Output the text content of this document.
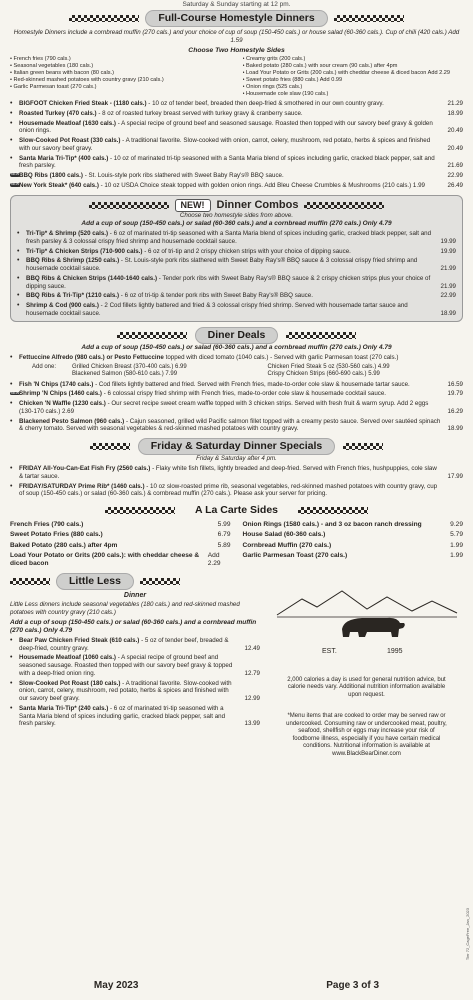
Saturday & Sunday starting at 12 pm.
Full-Course Homestyle Dinners
Homestyle Dinners include a cornbread muffin (270 cals.) and your choice of cup of soup (150-450 cals.) or house salad (60-360 cals.). Cup of chili (420 cals.) Add 1.59
Choose Two Homestyle Sides
• French fries (790 cals.)
• Seasonal vegetables (180 cals.)
• Italian green beans with bacon (80 cals.)
• Red-skinned mashed potatoes with country gravy (210 cals.)
• Garlic Parmesan toast (270 cals.)
• Creamy grits (200 cals.)
• Baked potato (280 cals.) with sour cream (90 cals.) after 4pm
• Load Your Potato or Grits (200 cals.) with cheddar cheese & diced bacon Add 2.29
• Sweet potato fries (880 cals.) Add 0.99
• Onion rings (525 cals.)
• Housemade cole slaw (190 cals.)
•	BIGFOOT Chicken Fried Steak - (1180 cals.) - 10 oz of tender beef, breaded then deep-fried & smothered in our own country gravy.	21.29
•	Roasted Turkey (470 cals.) - 8 oz of roasted turkey breast served with turkey gravy & cranberry sauce.	18.99
•	Housemade Meatloaf (1630 cals.) - A special recipe of ground beef and seasoned sausage. Roasted then topped with our savory beef gravy & golden onion rings.	20.49
•	Slow-Cooked Pot Roast (330 cals.) - A traditional favorite. Slow-cooked with onion, carrot, celery, mushroom, red potato, herbs & spices and finished with our savory beef gravy.	20.49
•	Santa Maria Tri-Tip* (400 cals.) - 10 oz of marinated tri-tip seasoned with a Santa Maria blend of spices including garlic, cracked black pepper, salt and fresh parsley.	21.69
NEW BBQ Ribs (1800 cals.) - St. Louis-style pork ribs slathered with Sweet Baby Ray's® BBQ sauce.	22.99
NEW New York Steak* (640 cals.) - 10 oz USDA Choice steak topped with golden onion rings. Add Bleu Cheese Crumbles & Mushrooms (210 cals.) 1.99	26.49
NEW!	Dinner Combos
Choose two homestyle sides from above.
Add a cup of soup (150-450 cals.) or salad (60-360 cals.) and a cornbread muffin (270 cals.) Only 4.79
•	Tri-Tip* & Shrimp (520 cals.) - 6 oz of marinated tri-tip seasoned with a Santa Maria blend of spices including garlic, cracked black pepper, salt and fresh parsley & 3 colossal crispy fried shrimp and housemade cocktail sauce.	19.99
•	Tri-Tip* & Chicken Strips (710-900 cals.) - 6 oz of tri-tip and 2 crispy chicken strips with your choice of dipping sauce.	19.99
•	BBQ Ribs & Shrimp (1250 cals.) - St. Louis-style pork ribs slathered with Sweet Baby Ray's® BBQ sauce & 3 colossal crispy fried shrimp and housemade cocktail sauce.	21.99
•	BBQ Ribs & Chicken Strips (1440-1640 cals.) - Tender pork ribs with Sweet Baby Ray's® BBQ sauce & 2 crispy chicken strips plus your choice of dipping sauce.	21.99
•	BBQ Ribs & Tri-Tip* (1210 cals.) - 6 oz of tri-tip & tender pork ribs with Sweet Baby Ray's® BBQ sauce.	22.99
•	Shrimp & Cod (900 cals.) - 2 Cod fillets lightly battered and fried & 3 colossal crispy fried shrimp. Served with housemade tartar sauce and housemade cocktail sauce.	18.99
Diner Deals
Add a cup of soup (150-450 cals.) or salad (60-360 cals.) and a cornbread muffin (270 cals.) Only 4.79
•	Fettuccine Alfredo (980 cals.) or Pesto Fettuccine topped with diced tomato (1040 cals.) - Served with garlic Parmesan toast (270 cals.)
Add one:	Grilled Chicken Breast (370-400 cals.) 6.99	Chicken Fried Steak 5 oz (530-560 cals.) 4.99
Blackened Salmon (580-610 cals.) 7.99	Crispy Chicken Strips (660-690 cals.) 5.99
•	Fish 'N Chips (1740 cals.) - Cod fillets lightly battered and fried. Served with French fries, made-to-order cole slaw & housemade tartar sauce.	16.59
NEW Shrimp 'N Chips (1460 cals.) - 6 colossal crispy fried shrimp with French fries, made-to-order cole slaw & housemade cocktail sauce.	19.79
•	Chicken 'N Waffle (1230 cals.) - Our secret recipe sweet cream waffle topped with 3 chicken strips. Served with fresh fruit & warm syrup. Add 2 eggs (130-170 cals.) 2.69	16.29
•	Blackened Pesto Salmon (960 cals.) - Cajun seasoned, grilled wild Pacific salmon fillet topped with a creamy pesto sauce. Served over sautéed spinach & cherry tomato. Served with seasonal vegetables & red-skinned mashed potatoes with country gravy.	18.99
Friday & Saturday Dinner Specials
Friday & Saturday after 4 pm.
•	FRIDAY All-You-Can-Eat Fish Fry (2560 cals.) - Flaky white fish fillets, lightly breaded and deep-fried. Served with French fries, hushpuppies, cole slaw & tartar sauce.	17.99
•	FRIDAY/SATURDAY Prime Rib* (1460 cals.) - 10 oz slow-roasted prime rib, seasonal vegetables, red-skinned mashed potatoes with country gravy, cup of soup (150-450 cals.) or salad (60-360 cals.) & cornbread muffin (270 cals.). Please ask your server for pricing.
A La Carte Sides
French Fries (790 cals.)	5.99
Sweet Potato Fries (880 cals.)	6.79
Baked Potato (280 cals.) after 4pm	5.89
Load Your Potato or Grits (200 cals.): with cheddar cheese & diced bacon
Add 2.29
Onion Rings (1580 cals.) - and 3 oz bacon ranch dressing	9.29
House Salad (60-360 cals.)	5.79
Cornbread Muffin (270 cals.)	1.99
Garlic Parmesan Toast (270 cals.)	1.99
Little Less
Dinner
Little Less dinners include seasonal vegetables (180 cals.) and red-skinned mashed potatoes with country gravy (210 cals.)
Add a cup of soup (150-450 cals.) or salad (60-360 cals.) and a cornbread muffin (270 cals.) Only 4.79
•	Bear Paw Chicken Fried Steak (610 cals.) - 5 oz of tender beef, breaded & deep-fried, country gravy.	12.49
•	Housemade Meatloaf (1060 cals.) - A special recipe of ground beef and seasoned sausage. Roasted then topped with our savory beef gravy & topped with a deep-fried onion ring.	12.79
•	Slow-Cooked Pot Roast (180 cals.) - A traditional favorite. Slow-cooked with onion, carrot, celery, mushroom, red potato, herbs & spices and finished with our savory beef gravy.	12.99
•	Santa Maria Tri-Tip* (240 cals.) - 6 oz of marinated tri-tip seasoned with a Santa Maria blend of spices including garlic, cracked black pepper, salt and fresh parsley.	13.99
EST.	1995
2,000 calories a day is used for general nutrition advice, but calorie needs vary. Additional nutrition information available upon request.
*Menu items that are cooked to order may be served raw or undercooked. Consuming raw or undercooked meat, poultry, seafood, shellfish or eggs may increase your risk of foodborne illness, especially if you have certain medical conditions. Nutritional information is available at www.BlackBearDiner.com
May 2023	Page 3 of 3
Tier 72_CageFree_Jan_2023
